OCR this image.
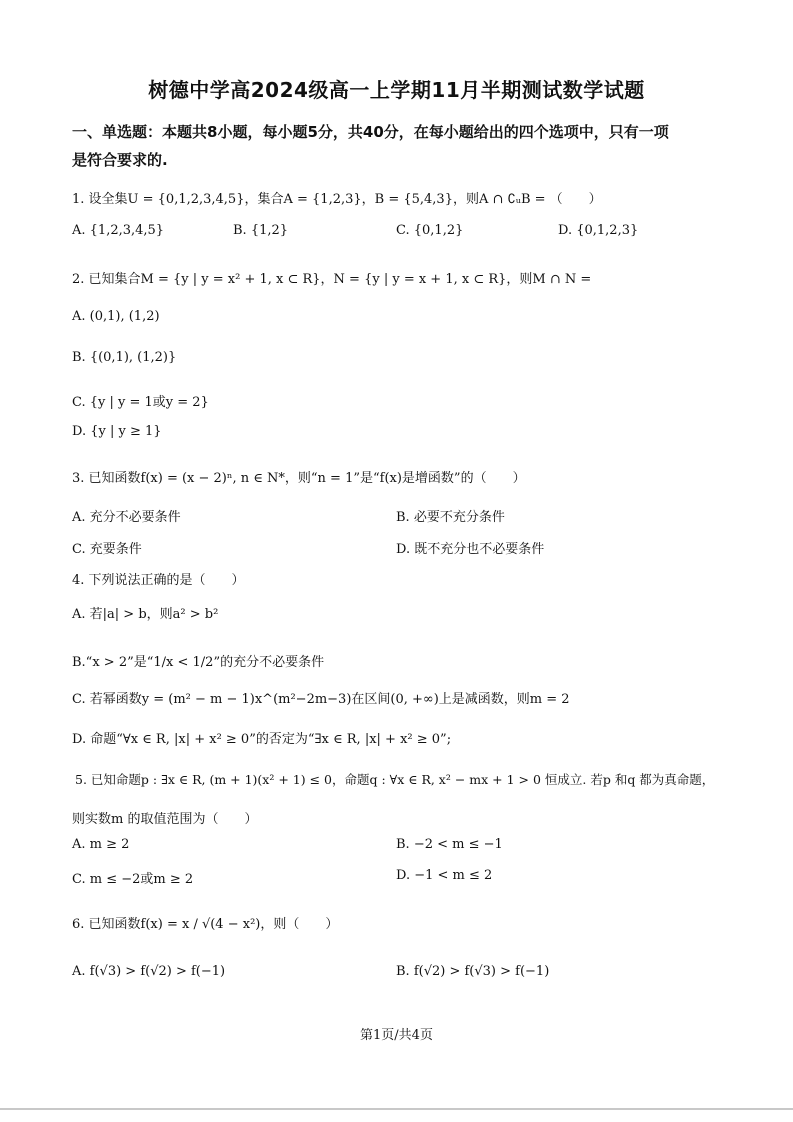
树德中学高2024级高一上学期11月半期测试数学试题
一、单选题：本题共8小题，每小题5分，共40分，在每小题给出的四个选项中，只有一项
是符合要求的.
1. 设全集U = {0,1,2,3,4,5}，集合A = {1,2,3}，B = {5,4,3}，则A ∩ ∁ᵤB = （　　）
A. {1,2,3,4,5}	B. {1,2}	C. {0,1,2}	D. {0,1,2,3}
2. 已知集合M = {y | y = x² + 1, x ⊂ R}，N = {y | y = x + 1, x ⊂ R}，则M ∩ N =
A. (0,1), (1,2)
B. {(0,1), (1,2)}
C. {y | y = 1或y = 2}
D. {y | y ≥ 1}
3. 已知函数f(x) = (x − 2)ⁿ, n ∈ N*，则“n = 1”是“f(x)是增函数”的（　　）
A. 充分不必要条件	B. 必要不充分条件
C. 充要条件	D. 既不充分也不必要条件
4. 下列说法正确的是（　　）
A. 若|a| > b，则a² > b²
B.“x > 2”是“1/x < 1/2”的充分不必要条件
C. 若幂函数y = (m² − m − 1)x^(m²−2m−3)在区间(0, +∞)上是减函数，则m = 2
D. 命题“∀x ∈ R, |x| + x² ≥ 0”的否定为“∃x ∈ R, |x| + x² ≥ 0”;
5. 已知命题p : ∃x ∈ R, (m + 1)(x² + 1) ≤ 0，命题q : ∀x ∈ R, x² − mx + 1 > 0 恒成立. 若p 和q 都为真命题，
则实数m 的取值范围为（　　）
A. m ≥ 2	B. −2 < m ≤ −1
C. m ≤ −2或m ≥ 2	D. −1 < m ≤ 2
6. 已知函数f(x) = x / √(4 − x²)，则（　　）
A. f(√3) > f(√2) > f(−1)	B. f(√2) > f(√3) > f(−1)
第1页/共4页
